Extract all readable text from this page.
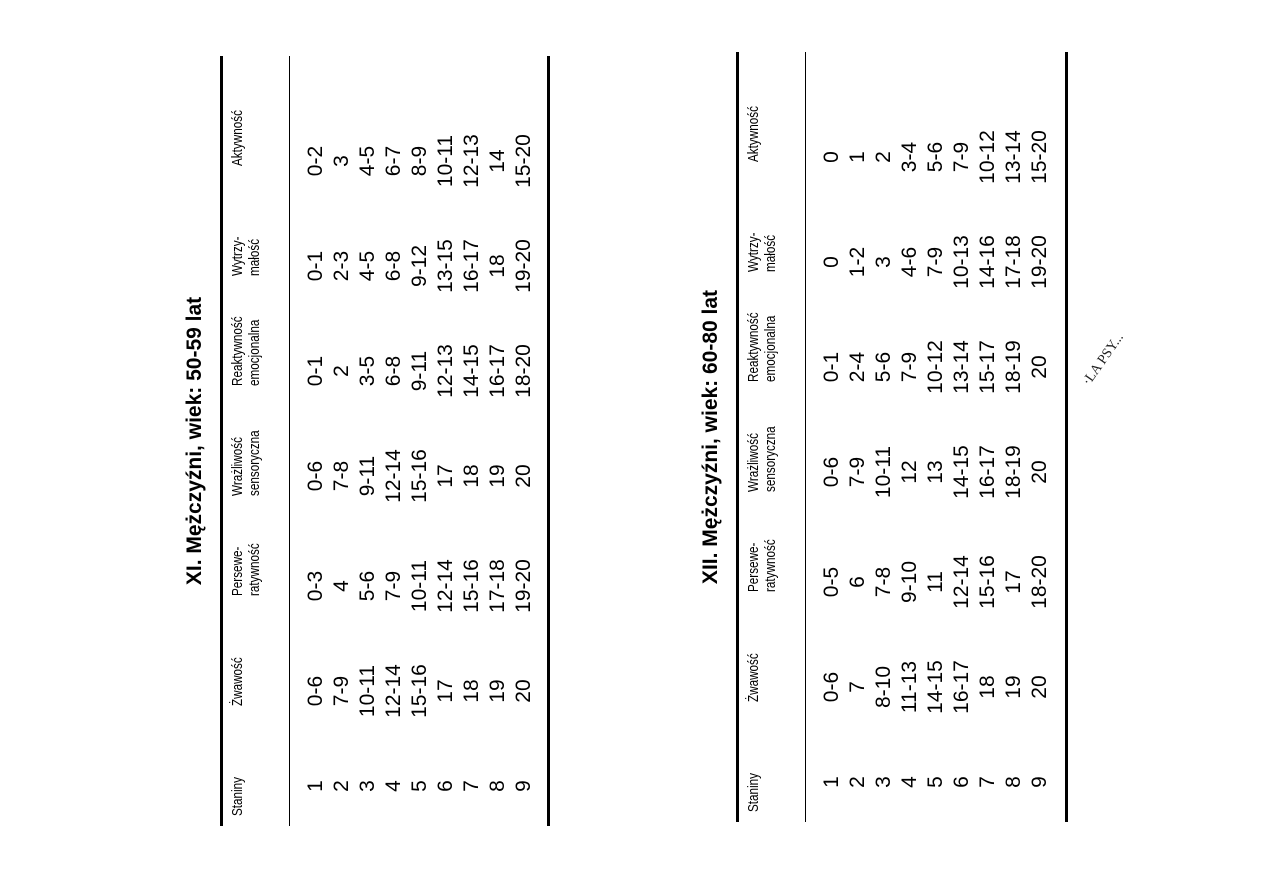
XI. Mężczyźni, wiek: 50-59 lat
Staniny
Żwawość
Persewe- ratywność
Wrażliwość sensoryczna
Reaktywność emocjonalna
Wytrzy- małość
Aktywność
1
0-6
0-3
0-6
0-1
0-1
0-2
2
7-9
4
7-8
2
2-3
3
3
10-11
5-6
9-11
3-5
4-5
4-5
4
12-14
7-9
12-14
6-8
6-8
6-7
5
15-16
10-11
15-16
9-11
9-12
8-9
6
17
12-14
17
12-13
13-15
10-11
7
18
15-16
18
14-15
16-17
12-13
8
19
17-18
19
16-17
18
14
9
20
19-20
20
18-20
19-20
15-20
XII. Mężczyźni, wiek: 60-80 lat
Staniny
Żwawość
Persewe- ratywność
Wrażliwość sensoryczna
Reaktywność emocjonalna
Wytrzy- małość
Aktywność
1
0-6
0-5
0-6
0-1
0
0
2
7
6
7-9
2-4
1-2
1
3
8-10
7-8
10-11
5-6
3
2
4
11-13
9-10
12
7-9
4-6
3-4
5
14-15
11
13
10-12
7-9
5-6
6
16-17
12-14
14-15
13-14
10-13
7-9
7
18
15-16
16-17
15-17
14-16
10-12
8
19
17
18-19
18-19
17-18
13-14
9
20
18-20
20
20
19-20
15-20
·LA PSY...
